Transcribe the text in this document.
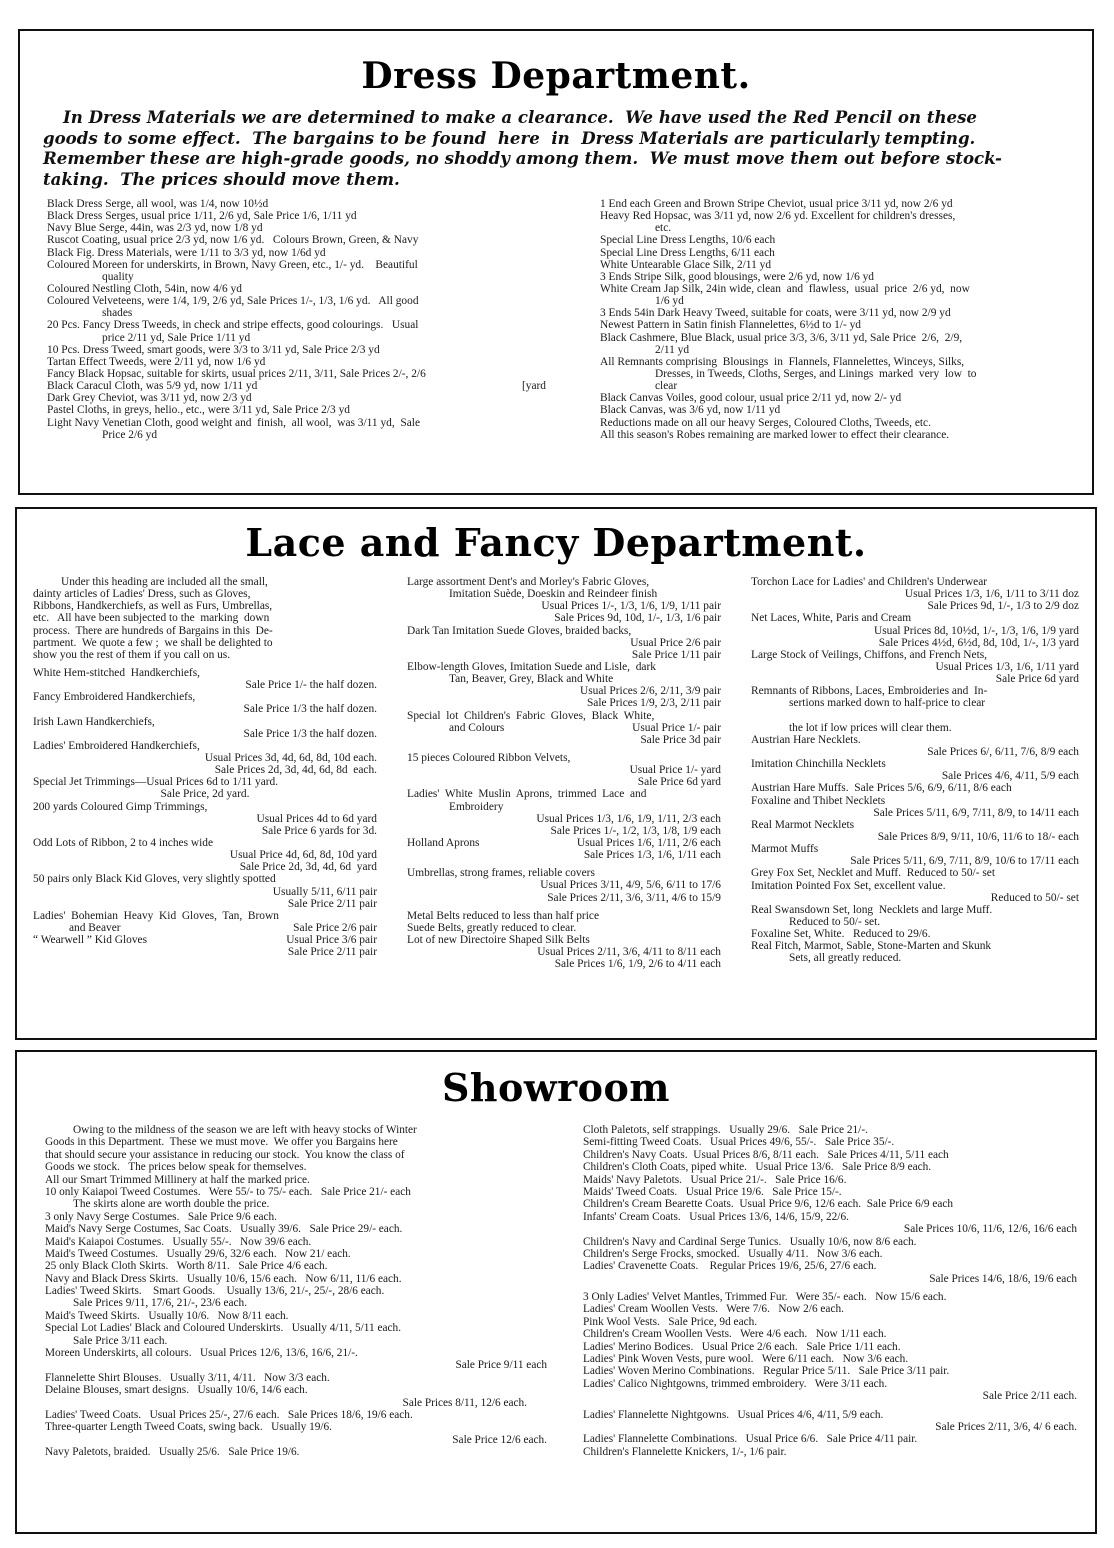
Dress Department.
In Dress Materials we are determined to make a clearance.  We have used the Red Pencil on these
goods to some effect.  The bargains to be found  here  in  Dress Materials are particularly tempting.
Remember these are high-grade goods, no shoddy among them.  We must move them out before stock-
taking.  The prices should move them.
Black Dress Serge, all wool, was 1/4, now 10½d
Black Dress Serges, usual price 1/11, 2/6 yd, Sale Price 1/6, 1/11 yd
Navy Blue Serge, 44in, was 2/3 yd, now 1/8 yd
Ruscot Coating, usual price 2/3 yd, now 1/6 yd.   Colours Brown, Green, & Navy
Black Fig. Dress Materials, were 1/11 to 3/3 yd, now 1/6d yd
Coloured Moreen for underskirts, in Brown, Navy Green, etc., 1/- yd.    Beautiful
quality
Coloured Nestling Cloth, 54in, now 4/6 yd
Coloured Velveteens, were 1/4, 1/9, 2/6 yd, Sale Prices 1/-, 1/3, 1/6 yd.   All good
shades
20 Pcs. Fancy Dress Tweeds, in check and stripe effects, good colourings.   Usual
price 2/11 yd, Sale Price 1/11 yd
10 Pcs. Dress Tweed, smart goods, were 3/3 to 3/11 yd, Sale Price 2/3 yd
Tartan Effect Tweeds, were 2/11 yd, now 1/6 yd
Fancy Black Hopsac, suitable for skirts, usual prices 2/11, 3/11, Sale Prices 2/-, 2/6
Black Caracul Cloth, was 5/9 yd, now 1/11 yd	[yard
Dark Grey Cheviot, was 3/11 yd, now 2/3 yd
Pastel Cloths, in greys, helio., etc., were 3/11 yd, Sale Price 2/3 yd
Light Navy Venetian Cloth, good weight and  finish,  all wool,  was 3/11 yd,  Sale
Price 2/6 yd
1 End each Green and Brown Stripe Cheviot, usual price 3/11 yd, now 2/6 yd
Heavy Red Hopsac, was 3/11 yd, now 2/6 yd. Excellent for children's dresses,
etc.
Special Line Dress Lengths, 10/6 each
Special Line Dress Lengths, 6/11 each
White Untearable Glace Silk, 2/11 yd
3 Ends Stripe Silk, good blousings, were 2/6 yd, now 1/6 yd
White Cream Jap Silk, 24in wide, clean  and  flawless,  usual  price  2/6 yd,  now
1/6 yd
3 Ends 54in Dark Heavy Tweed, suitable for coats, were 3/11 yd, now 2/9 yd
Newest Pattern in Satin finish Flannelettes, 6½d to 1/- yd
Black Cashmere, Blue Black, usual price 3/3, 3/6, 3/11 yd, Sale Price  2/6,  2/9,
2/11 yd
All Remnants comprising  Blousings  in  Flannels, Flannelettes, Winceys, Silks,
Dresses, in Tweeds, Cloths, Serges, and Linings  marked  very  low  to
clear
Black Canvas Voiles, good colour, usual price 2/11 yd, now 2/- yd
Black Canvas, was 3/6 yd, now 1/11 yd
Reductions made on all our heavy Serges, Coloured Cloths, Tweeds, etc.
All this season's Robes remaining are marked lower to effect their clearance.
Lace and Fancy Department.
Under this heading are included all the small,
dainty articles of Ladies' Dress, such as Gloves,
Ribbons, Handkerchiefs, as well as Furs, Umbrellas,
etc.   All have been subjected to the  marking  down
process.  There are hundreds of Bargains in this  De-
partment.  We quote a few ;  we shall be delighted to
show you the rest of them if you call on us.
White Hem-stitched  Handkerchiefs,
Sale Price 1/- the half dozen.
Fancy Embroidered Handkerchiefs,
Sale Price 1/3 the half dozen.
Irish Lawn Handkerchiefs,
Sale Price 1/3 the half dozen.
Ladies' Embroidered Handkerchiefs,
Usual Prices 3d, 4d, 6d, 8d, 10d each.
Sale Prices 2d, 3d, 4d, 6d, 8d  each.
Special Jet Trimmings—Usual Prices 6d to 1/11 yard.
Sale Price, 2d yard.
200 yards Coloured Gimp Trimmings,
Usual Prices 4d to 6d yard
Sale Price 6 yards for 3d.
Odd Lots of Ribbon, 2 to 4 inches wide
Usual Price 4d, 6d, 8d, 10d yard
Sale Price 2d, 3d, 4d, 6d  yard
50 pairs only Black Kid Gloves, very slightly spotted
Usually 5/11, 6/11 pair
Sale Price 2/11 pair
Ladies'  Bohemian  Heavy  Kid  Gloves,  Tan,  Brown
and Beaver	Sale Price 2/6 pair
“ Wearwell ” Kid Gloves	Usual Price 3/6 pair
Sale Price 2/11 pair
Large assortment Dent's and Morley's Fabric Gloves,
Imitation Suède, Doeskin and Reindeer finish
Usual Prices 1/-, 1/3, 1/6, 1/9, 1/11 pair
Sale Prices 9d, 10d, 1/-, 1/3, 1/6 pair
Dark Tan Imitation Suede Gloves, braided backs,
Usual Price 2/6 pair
Sale Price 1/11 pair
Elbow-length Gloves, Imitation Suede and Lisle,  dark
Tan, Beaver, Grey, Black and White
Usual Prices 2/6, 2/11, 3/9 pair
Sale Prices 1/9, 2/3, 2/11 pair
Special  lot  Children's  Fabric  Gloves,  Black  White,
and Colours	Usual Price 1/- pair
Sale Price 3d pair
15 pieces Coloured Ribbon Velvets,
Usual Price 1/- yard
Sale Price 6d yard
Ladies'  White  Muslin  Aprons,  trimmed  Lace  and
Embroidery
Usual Prices 1/3, 1/6, 1/9, 1/11, 2/3 each
Sale Prices 1/-, 1/2, 1/3, 1/8, 1/9 each
Holland Aprons	Usual Prices 1/6, 1/11, 2/6 each
Sale Prices 1/3, 1/6, 1/11 each
Umbrellas, strong frames, reliable covers
Usual Prices 3/11, 4/9, 5/6, 6/11 to 17/6
Sale Prices 2/11, 3/6, 3/11, 4/6 to 15/9
Metal Belts reduced to less than half price
Suede Belts, greatly reduced to clear.
Lot of new Directoire Shaped Silk Belts
Usual Prices 2/11, 3/6, 4/11 to 8/11 each
Sale Prices 1/6, 1/9, 2/6 to 4/11 each
Torchon Lace for Ladies' and Children's Underwear
Usual Prices 1/3, 1/6, 1/11 to 3/11 doz
Sale Prices 9d, 1/-, 1/3 to 2/9 doz
Net Laces, White, Paris and Cream
Usual Prices 8d, 10½d, 1/-, 1/3, 1/6, 1/9 yard
Sale Prices 4½d, 6½d, 8d, 10d, 1/-, 1/3 yard
Large Stock of Veilings, Chiffons, and French Nets,
Usual Prices 1/3, 1/6, 1/11 yard
Sale Price 6d yard
Remnants of Ribbons, Laces, Embroideries and  In-
sertions marked down to half-price to clear

the lot if low prices will clear them.
Austrian Hare Necklets.
Sale Prices 6/, 6/11, 7/6, 8/9 each
Imitation Chinchilla Necklets
Sale Prices 4/6, 4/11, 5/9 each
Austrian Hare Muffs.  Sale Prices 5/6, 6/9, 6/11, 8/6 each
Foxaline and Thibet Necklets
Sale Prices 5/11, 6/9, 7/11, 8/9, to 14/11 each
Real Marmot Necklets
Sale Prices 8/9, 9/11, 10/6, 11/6 to 18/- each
Marmot Muffs
Sale Prices 5/11, 6/9, 7/11, 8/9, 10/6 to 17/11 each
Grey Fox Set, Necklet and Muff.  Reduced to 50/- set
Imitation Pointed Fox Set, excellent value.
Reduced to 50/- set
Real Swansdown Set, long  Necklets and large Muff.
Reduced to 50/- set.
Foxaline Set, White.   Reduced to 29/6.
Real Fitch, Marmot, Sable, Stone-Marten and Skunk
Sets, all greatly reduced.
Showroom
Owing to the mildness of the season we are left with heavy stocks of Winter
Goods in this Department.  These we must move.  We offer you Bargains here
that should secure your assistance in reducing our stock.  You know the class of
Goods we stock.   The prices below speak for themselves.
All our Smart Trimmed Millinery at half the marked price.
10 only Kaiapoi Tweed Costumes.   Were 55/- to 75/- each.   Sale Price 21/- each
The skirts alone are worth double the price.
3 only Navy Serge Costumes.   Sale Price 9/6 each.
Maid's Navy Serge Costumes, Sac Coats.   Usually 39/6.   Sale Price 29/- each.
Maid's Kaiapoi Costumes.   Usually 55/-.   Now 39/6 each.
Maid's Tweed Costumes.   Usually 29/6, 32/6 each.   Now 21/ each.
25 only Black Cloth Skirts.   Worth 8/11.   Sale Price 4/6 each.
Navy and Black Dress Skirts.   Usually 10/6, 15/6 each.   Now 6/11, 11/6 each.
Ladies' Tweed Skirts.    Smart Goods.    Usually 13/6, 21/-, 25/-, 28/6 each.
Sale Prices 9/11, 17/6, 21/-, 23/6 each.
Maid's Tweed Skirts.   Usually 10/6.   Now 8/11 each.
Special Lot Ladies' Black and Coloured Underskirts.   Usually 4/11, 5/11 each.
Sale Price 3/11 each.
Moreen Underskirts, all colours.   Usual Prices 12/6, 13/6, 16/6, 21/-.
Sale Price 9/11 each
Flannelette Shirt Blouses.   Usually 3/11, 4/11.   Now 3/3 each.
Delaine Blouses, smart designs.   Usually 10/6, 14/6 each.
Sale Prices 8/11, 12/6 each.
Ladies' Tweed Coats.   Usual Prices 25/-, 27/6 each.   Sale Prices 18/6, 19/6 each.
Three-quarter Length Tweed Coats, swing back.   Usually 19/6.
Sale Price 12/6 each.
Navy Paletots, braided.   Usually 25/6.   Sale Price 19/6.
Cloth Paletots, self strappings.   Usually 29/6.   Sale Price 21/-.
Semi-fitting Tweed Coats.   Usual Prices 49/6, 55/-.   Sale Price 35/-.
Children's Navy Coats.  Usual Prices 8/6, 8/11 each.   Sale Prices 4/11, 5/11 each
Children's Cloth Coats, piped white.   Usual Price 13/6.   Sale Price 8/9 each.
Maids' Navy Paletots.   Usual Price 21/-.   Sale Price 16/6.
Maids' Tweed Coats.   Usual Price 19/6.   Sale Price 15/-.
Children's Cream Bearette Coats.  Usual Price 9/6, 12/6 each.  Sale Price 6/9 each
Infants' Cream Coats.   Usual Prices 13/6, 14/6, 15/9, 22/6.
Sale Prices 10/6, 11/6, 12/6, 16/6 each
Children's Navy and Cardinal Serge Tunics.   Usually 10/6, now 8/6 each.
Children's Serge Frocks, smocked.   Usually 4/11.   Now 3/6 each.
Ladies' Cravenette Coats.    Regular Prices 19/6, 25/6, 27/6 each.
Sale Prices 14/6, 18/6, 19/6 each
3 Only Ladies' Velvet Mantles, Trimmed Fur.   Were 35/- each.   Now 15/6 each.
Ladies' Cream Woollen Vests.   Were 7/6.   Now 2/6 each.
Pink Wool Vests.   Sale Price, 9d each.
Children's Cream Woollen Vests.   Were 4/6 each.   Now 1/11 each.
Ladies' Merino Bodices.   Usual Price 2/6 each.   Sale Price 1/11 each.
Ladies' Pink Woven Vests, pure wool.   Were 6/11 each.   Now 3/6 each.
Ladies' Woven Merino Combinations.   Regular Price 5/11.   Sale Price 3/11 pair.
Ladies' Calico Nightgowns, trimmed embroidery.   Were 3/11 each.
Sale Price 2/11 each.
Ladies' Flannelette Nightgowns.   Usual Prices 4/6, 4/11, 5/9 each.
Sale Prices 2/11, 3/6, 4/ 6 each.
Ladies' Flannelette Combinations.   Usual Price 6/6.   Sale Price 4/11 pair.
Children's Flannelette Knickers, 1/-, 1/6 pair.
